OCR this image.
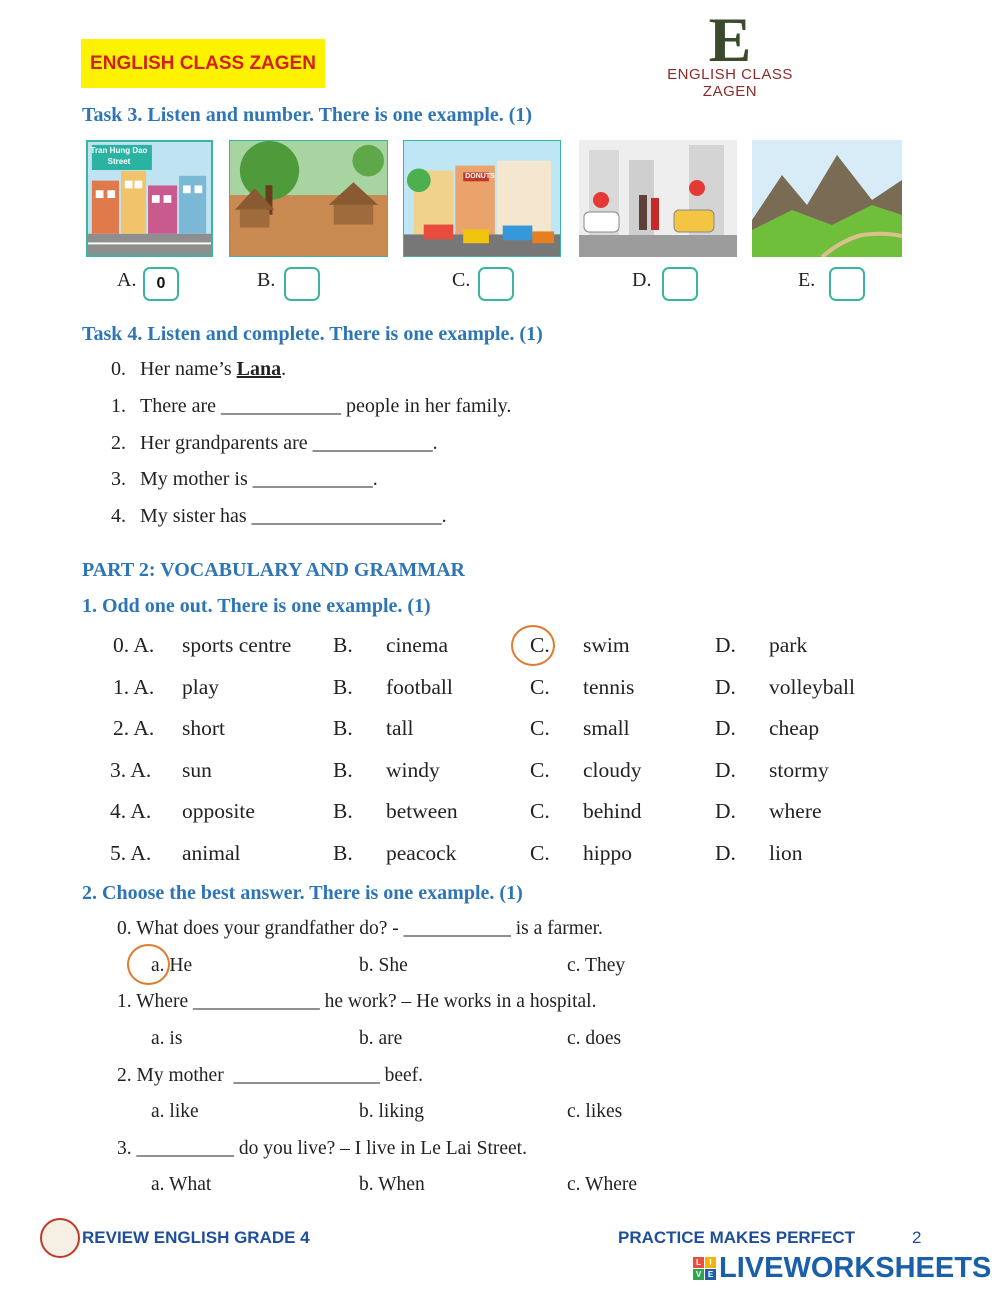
ENGLISH CLASS ZAGEN	E
ENGLISH CLASS ZAGEN
Task 3. Listen and number. There is one example. (1)
Tran Hung Dao Street
DONUTS
A.	0	B.	C.	D.	E.
Task 4. Listen and complete. There is one example. (1)
0. Her name’s Lana.
1. There are ____________ people in her family.
2. Her grandparents are ____________.
3. My mother is ____________.
4. My sister has ___________________.
PART 2: VOCABULARY AND GRAMMAR
1. Odd one out. There is one example. (1)
0. A. sports centre B. cinema	C. swim	D. park
1. A. play	B. football	C. tennis	D. volleyball
2. A. short	B. tall	C. small	D. cheap
3. A. sun	B. windy	C. cloudy	D. stormy
4. A. opposite	B. between	C. behind	D. where
5. A. animal	B. peacock	C. hippo	D. lion
2. Choose the best answer. There is one example. (1)
0. What does your grandfather do? - ___________ is a farmer.
a. He	b. She	c. They
1. Where _____________ he work? – He works in a hospital.
a. is	b. are	c. does
2. My mother  _______________ beef.
a. like	b. liking	c. likes
3. __________ do you live? – I live in Le Lai Street.
a. What	b. When	c. Where
REVIEW ENGLISH GRADE 4	PRACTICE MAKES PERFECT	2
L	I
V E LIVEWORKSHEETS
